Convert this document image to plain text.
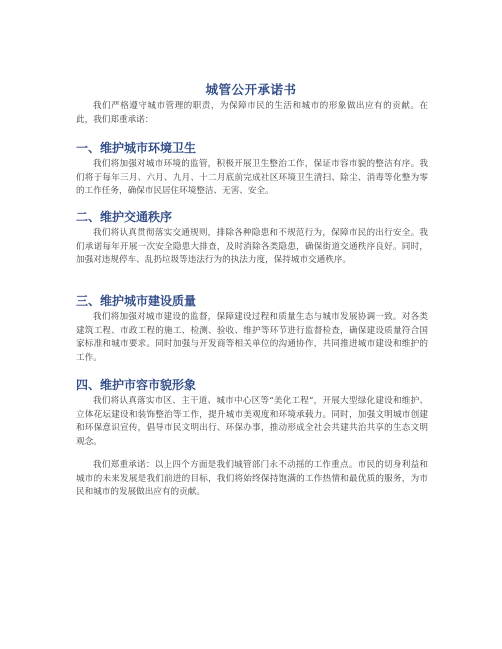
城管公开承诺书

我们严格遵守城市管理的职责，为保障市民的生活和城市的形象做出应有的贡献。在此，我们郑重承诺：

一、维护城市环境卫生

我们将加强对城市环境的监管，积极开展卫生整治工作，保证市容市貌的整洁有序。我们将于每年三月、六月、九月、十二月底前完成社区环境卫生清扫、除尘、消毒等化整为零的工作任务，确保市民居住环境整洁、无害、安全。

二、维护交通秩序

我们将认真贯彻落实交通规则，排除各种隐患和不规范行为，保障市民的出行安全。我们承诺每年开展一次安全隐患大排查，及时消除各类隐患，确保街道交通秩序良好。同时，加强对违规停车、乱扔垃圾等违法行为的执法力度，保持城市交通秩序。

三、维护城市建设质量

我们将加强对城市建设的监督，保障建设过程和质量生态与城市发展协调一致。对各类建筑工程、市政工程的施工、检测、验收、维护等环节进行监督检查，确保建设质量符合国家标准和城市要求。同时加强与开发商等相关单位的沟通协作，共同推进城市建设和维护的工作。

四、维护市容市貌形象

我们将认真落实市区、主干道、城市中心区等“美化工程”，开展大型绿化建设和维护、立体花坛建设和装饰整治等工作，提升城市美观度和环境承载力。同时，加强文明城市创建和环保意识宣传，倡导市民文明出行、环保办事，推动形成全社会共建共治共享的生态文明观念。

我们郑重承诺：以上四个方面是我们城管部门永不动摇的工作重点。市民的切身利益和城市的未来发展是我们前进的目标，我们将始终保持饱满的工作热情和最优质的服务，为市民和城市的发展做出应有的贡献。
